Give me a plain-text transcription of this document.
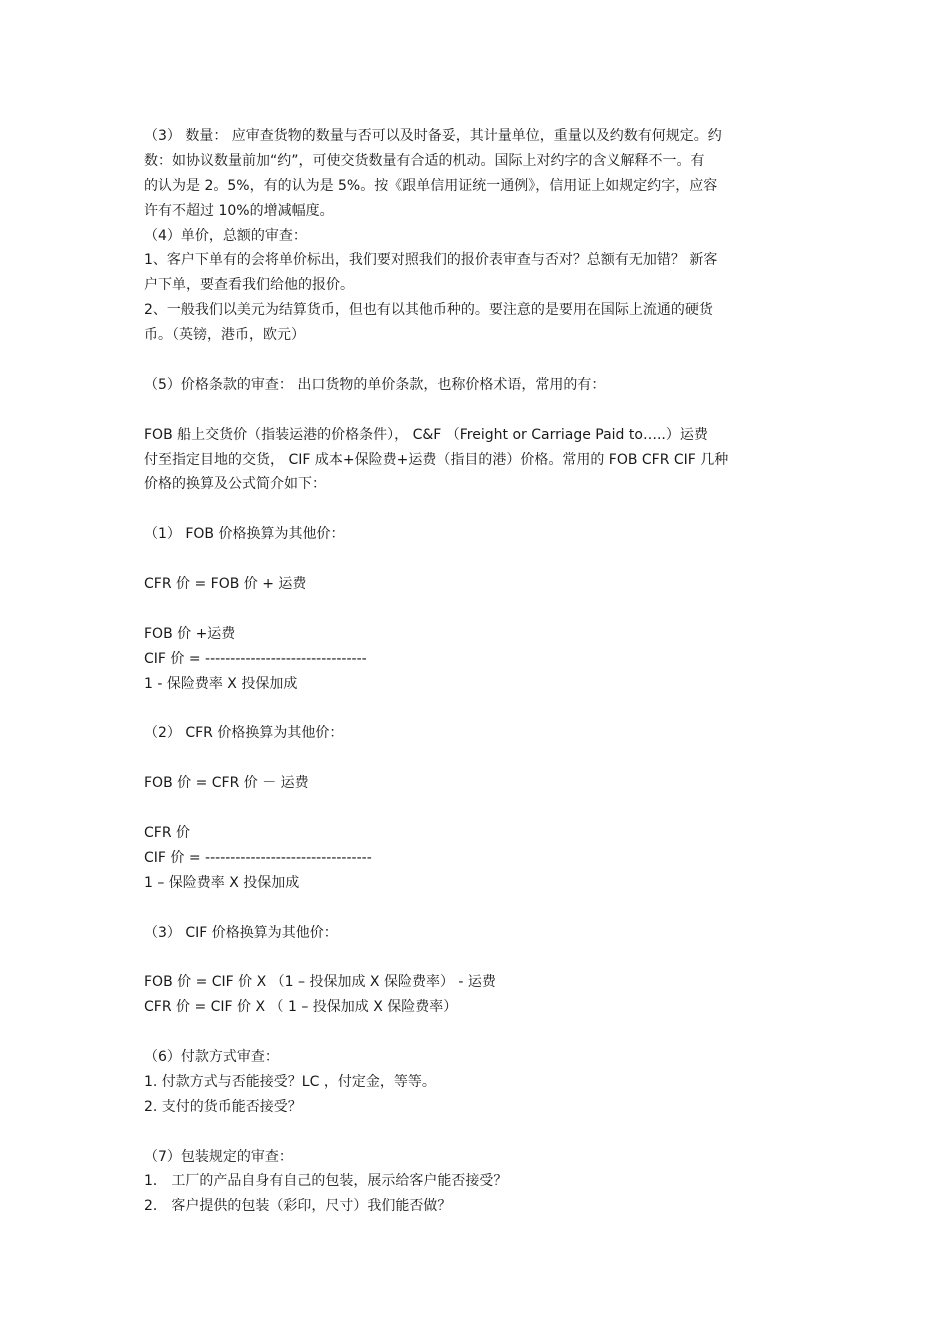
（3） 数量： 应审查货物的数量与否可以及时备妥，其计量单位，重量以及约数有何规定。约
数：如协议数量前加“约”，可使交货数量有合适的机动。国际上对约字的含义解释不一。有
的认为是 2。5%，有的认为是 5%。按《跟单信用证统一通例》，信用证上如规定约字，应容
许有不超过 10%的增减幅度。
（4）单价，总额的审查：
1、客户下单有的会将单价标出，我们要对照我们的报价表审查与否对？总额有无加错？ 新客
户下单，要查看我们给他的报价。
2、一般我们以美元为结算货币，但也有以其他币种的。要注意的是要用在国际上流通的硬货
币。（英镑，港币，欧元）
（5）价格条款的审查： 出口货物的单价条款，也称价格术语，常用的有：
FOB 船上交货价（指装运港的价格条件）， C&F （Freight or Carriage Paid to…..）运费
付至指定目地的交货， CIF 成本+保险费+运费（指目的港）价格。常用的 FOB CFR CIF 几种
价格的换算及公式简介如下：
（1） FOB 价格换算为其他价：
CFR 价 = FOB 价 + 运费
FOB 价 +运费
CIF 价 = --------------------------------
1 - 保险费率 X 投保加成
（2） CFR 价格换算为其他价：
FOB 价 = CFR 价 － 运费
CFR 价
CIF 价 = ---------------------------------
1 – 保险费率 X 投保加成
（3） CIF 价格换算为其他价：
FOB 价 = CIF 价 X （1 – 投保加成 X 保险费率） - 运费
CFR 价 = CIF 价 X （ 1 – 投保加成 X 保险费率）
（6）付款方式审查：
1. 付款方式与否能接受？LC ，付定金，等等。
2. 支付的货币能否接受？
（7）包装规定的审查：
1． 工厂的产品自身有自己的包装，展示给客户能否接受？
2． 客户提供的包装（彩印，尺寸）我们能否做？
